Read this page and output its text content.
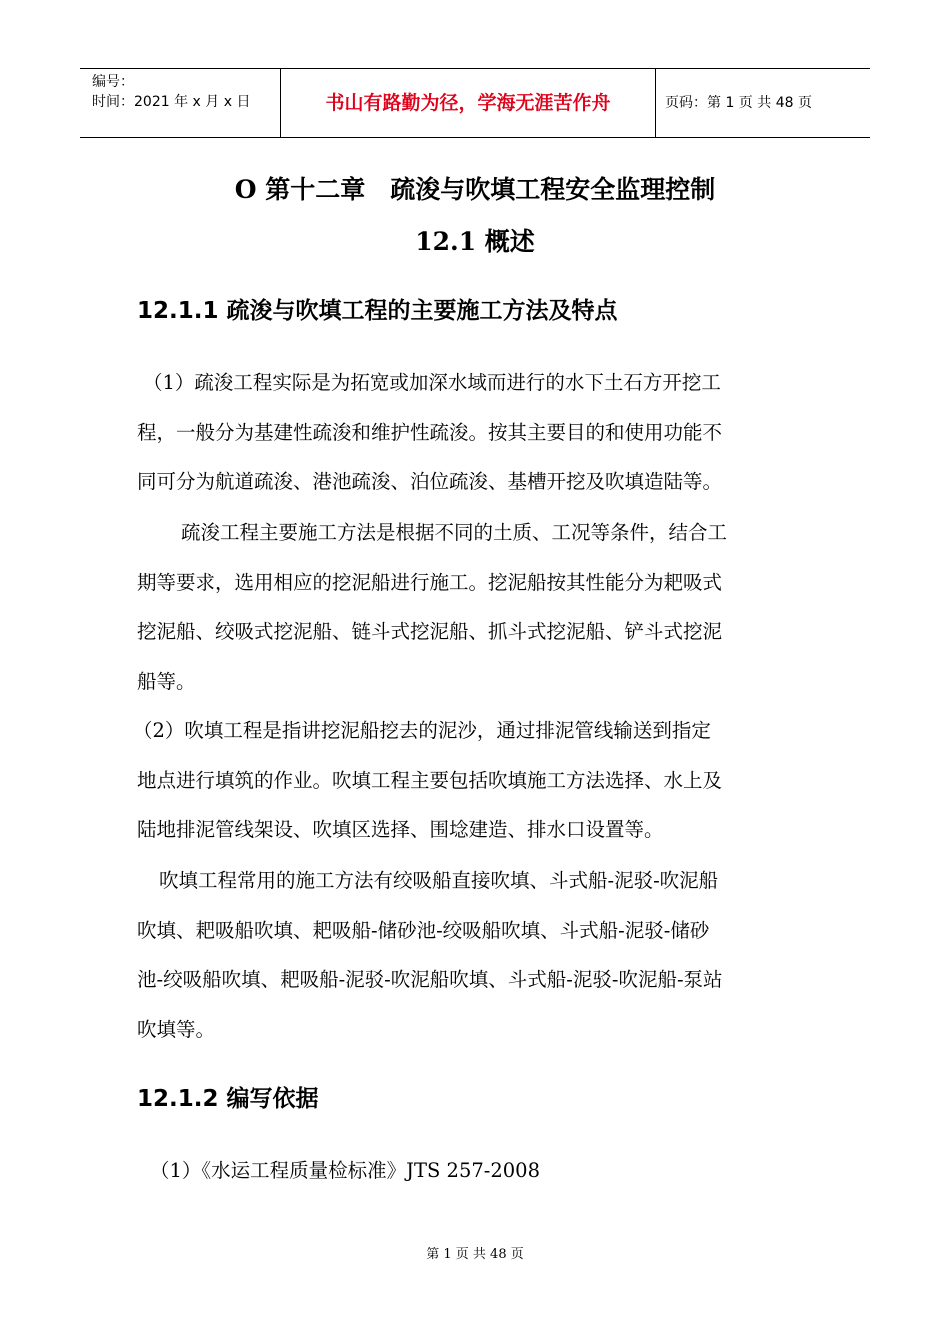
编号：
时间：2021 年 x 月 x 日	书山有路勤为径，学海无涯苦作舟	页码：第 1 页 共 48 页
O 第十二章　疏浚与吹填工程安全监理控制
12.1 概述
12.1.1 疏浚与吹填工程的主要施工方法及特点
（1）疏浚工程实际是为拓宽或加深水域而进行的水下土石方开挖工
程，一般分为基建性疏浚和维护性疏浚。按其主要目的和使用功能不
同可分为航道疏浚、港池疏浚、泊位疏浚、基槽开挖及吹填造陆等。
疏浚工程主要施工方法是根据不同的土质、工况等条件，结合工
期等要求，选用相应的挖泥船进行施工。挖泥船按其性能分为耙吸式
挖泥船、绞吸式挖泥船、链斗式挖泥船、抓斗式挖泥船、铲斗式挖泥
船等。
（2）吹填工程是指讲挖泥船挖去的泥沙，通过排泥管线输送到指定
地点进行填筑的作业。吹填工程主要包括吹填施工方法选择、水上及
陆地排泥管线架设、吹填区选择、围埝建造、排水口设置等。
吹填工程常用的施工方法有绞吸船直接吹填、斗式船-泥驳-吹泥船
吹填、耙吸船吹填、耙吸船-储砂池-绞吸船吹填、斗式船-泥驳-储砂
池-绞吸船吹填、耙吸船-泥驳-吹泥船吹填、斗式船-泥驳-吹泥船-泵站
吹填等。
12.1.2 编写依据
（1）《水运工程质量检标准》JTS 257-2008
第 1 页 共 48 页
